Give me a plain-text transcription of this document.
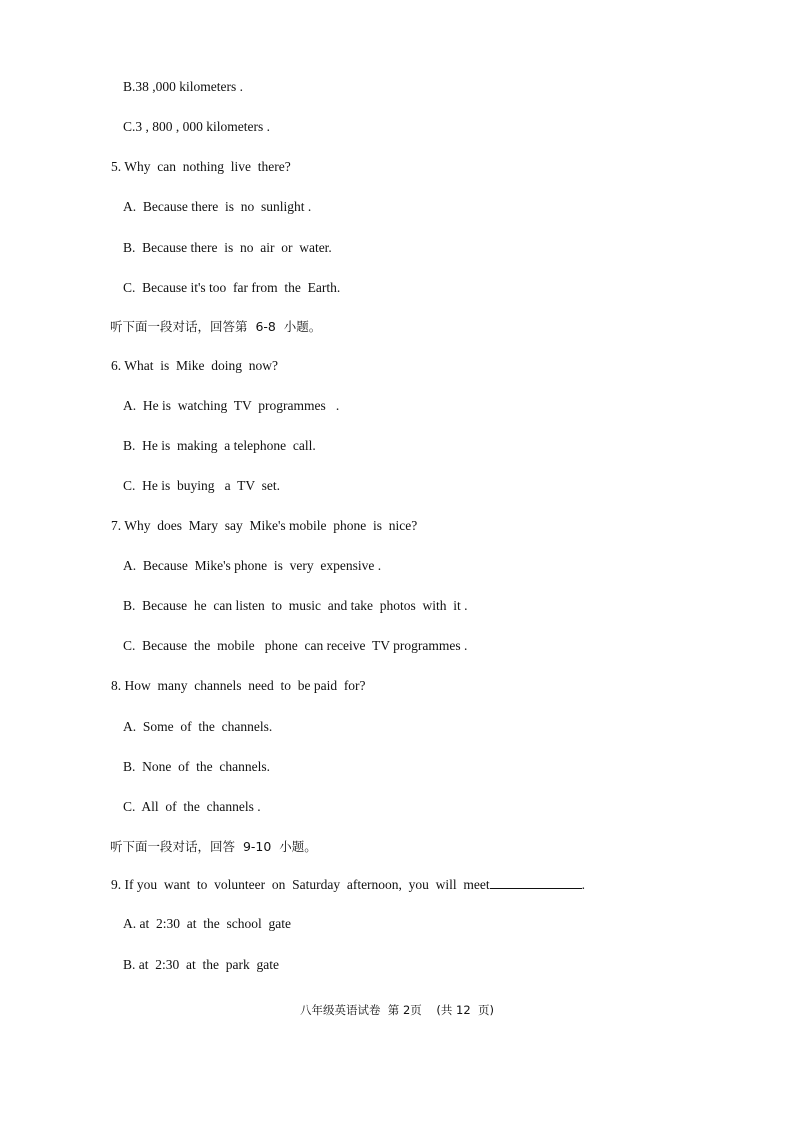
B.38 ,000 kilometers .
C.3 , 800 , 000 kilometers .
5. Why  can  nothing  live  there?
A.  Because there  is  no  sunlight .
B.  Because there  is  no  air  or  water.
C.  Because it's too  far from  the  Earth.
听下面一段对话，回答第  6-8  小题。
6. What  is  Mike  doing  now?
A.  He is  watching  TV  programmes   .
B.  He is  making  a telephone  call.
C.  He is  buying   a  TV  set.
7. Why  does  Mary  say  Mike's mobile  phone  is  nice?
A.  Because  Mike's phone  is  very  expensive .
B.  Because  he  can listen  to  music  and take  photos  with  it .
C.  Because  the  mobile   phone  can receive  TV programmes .
8. How  many  channels  need  to  be paid  for?
A.  Some  of  the  channels.
B.  None  of  the  channels.
C.  All  of  the  channels .
听下面一段对话，回答  9-10  小题。
9. If you  want  to  volunteer  on  Saturday  afternoon,  you  will  meet	.
A. at  2:30  at  the  school  gate
B. at  2:30  at  the  park  gate
八年级英语试卷  第 2页    (共 12  页)
